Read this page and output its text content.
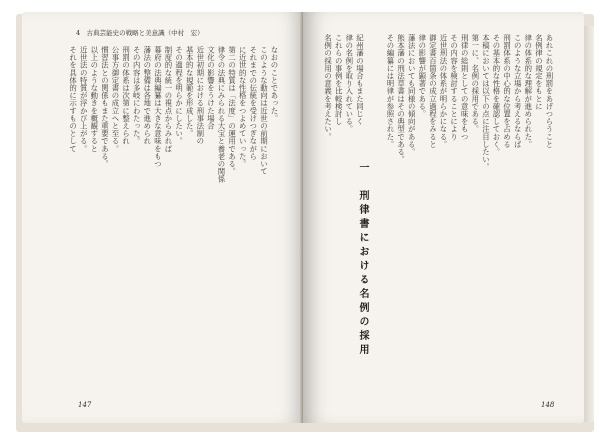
4　古典芸能史の戦略と美意識（中村　宏）
なおのことであった。
このような動向は近世の前期において
それまでの伝統を受けつぎながら
に近世的な性格をつよめていった。
第二の特質は「法度」の運用である。
律令の法典にみられる大宝と養老の関係
文化の影響をうけた場合
近世初期における刑事法制の
基本的な規範を形成した。
その過程を明らかにしたい。
制度的な統一の視点からみれば
幕府の法典編纂は大きな意味をもつ
藩法の整備は各地で進められ
その内容は多岐にわたった。
刑罰の体系は次第に整えられ
公事方御定書の成立へと至る。
慣習法との関係もまた重要である。
以上のような動きを概観すると
近世法の特質が浮かび上がる。
それを具体的に示すものとして
147
あれこれの刑罰をあげつらうこと
名例律の規定をもとに
律の体系的な理解が進められた。
このような立場から考えるならば
刑罰体系の中心的な位置を占める
その基本的な性格を確認しておく。
本稿においては以下の点に注目したい。
第一に、名例の採用である。
刑律の総則としての意味をもつ
その内容を検討することにより
近世刑法の体系が明らかになる。
御定書百箇条の成立過程をみると
律の影響が顕著である。
藩法においても同様の傾向がある。
熊本藩の刑法草書はその典型である。
その編纂には明律が参照された。
紀州藩の場合もまた同じく
律の名例を取り入れている。
これらの事例を比較検討し
名例の採用の意義を考えたい。
一　刑律書における名例の採用
148
